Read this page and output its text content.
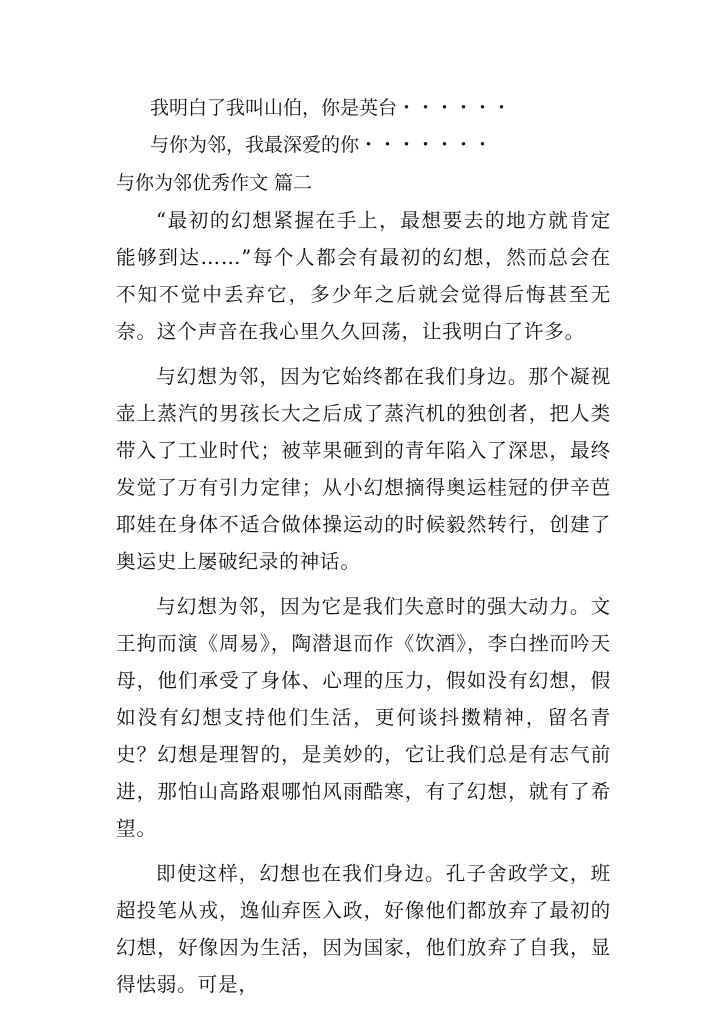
我明白了我叫山伯，你是英台・・・・・・
与你为邻，我最深爱的你・・・・・・・
与你为邻优秀作文 篇二

“最初的幻想紧握在手上，最想要去的地方就肯定能够到达……”每个人都会有最初的幻想，然而总会在不知不觉中丢弃它，多少年之后就会觉得后悔甚至无奈。这个声音在我心里久久回荡，让我明白了许多。

与幻想为邻，因为它始终都在我们身边。那个凝视壶上蒸汽的男孩长大之后成了蒸汽机的独创者，把人类带入了工业时代；被苹果砸到的青年陷入了深思，最终发觉了万有引力定律；从小幻想摘得奥运桂冠的伊辛芭耶娃在身体不适合做体操运动的时候毅然转行，创建了奥运史上屡破纪录的神话。

与幻想为邻，因为它是我们失意时的强大动力。文王拘而演《周易》，陶潜退而作《饮酒》，李白挫而吟天母，他们承受了身体、心理的压力，假如没有幻想，假如没有幻想支持他们生活，更何谈抖擞精神，留名青史？幻想是理智的，是美妙的，它让我们总是有志气前进，那怕山高路艰哪怕风雨酷寒，有了幻想，就有了希望。

即使这样，幻想也在我们身边。孔子舍政学文，班超投笔从戎，逸仙弃医入政，好像他们都放弃了最初的幻想，好像因为生活，因为国家，他们放弃了自我，显得怯弱。可是，
